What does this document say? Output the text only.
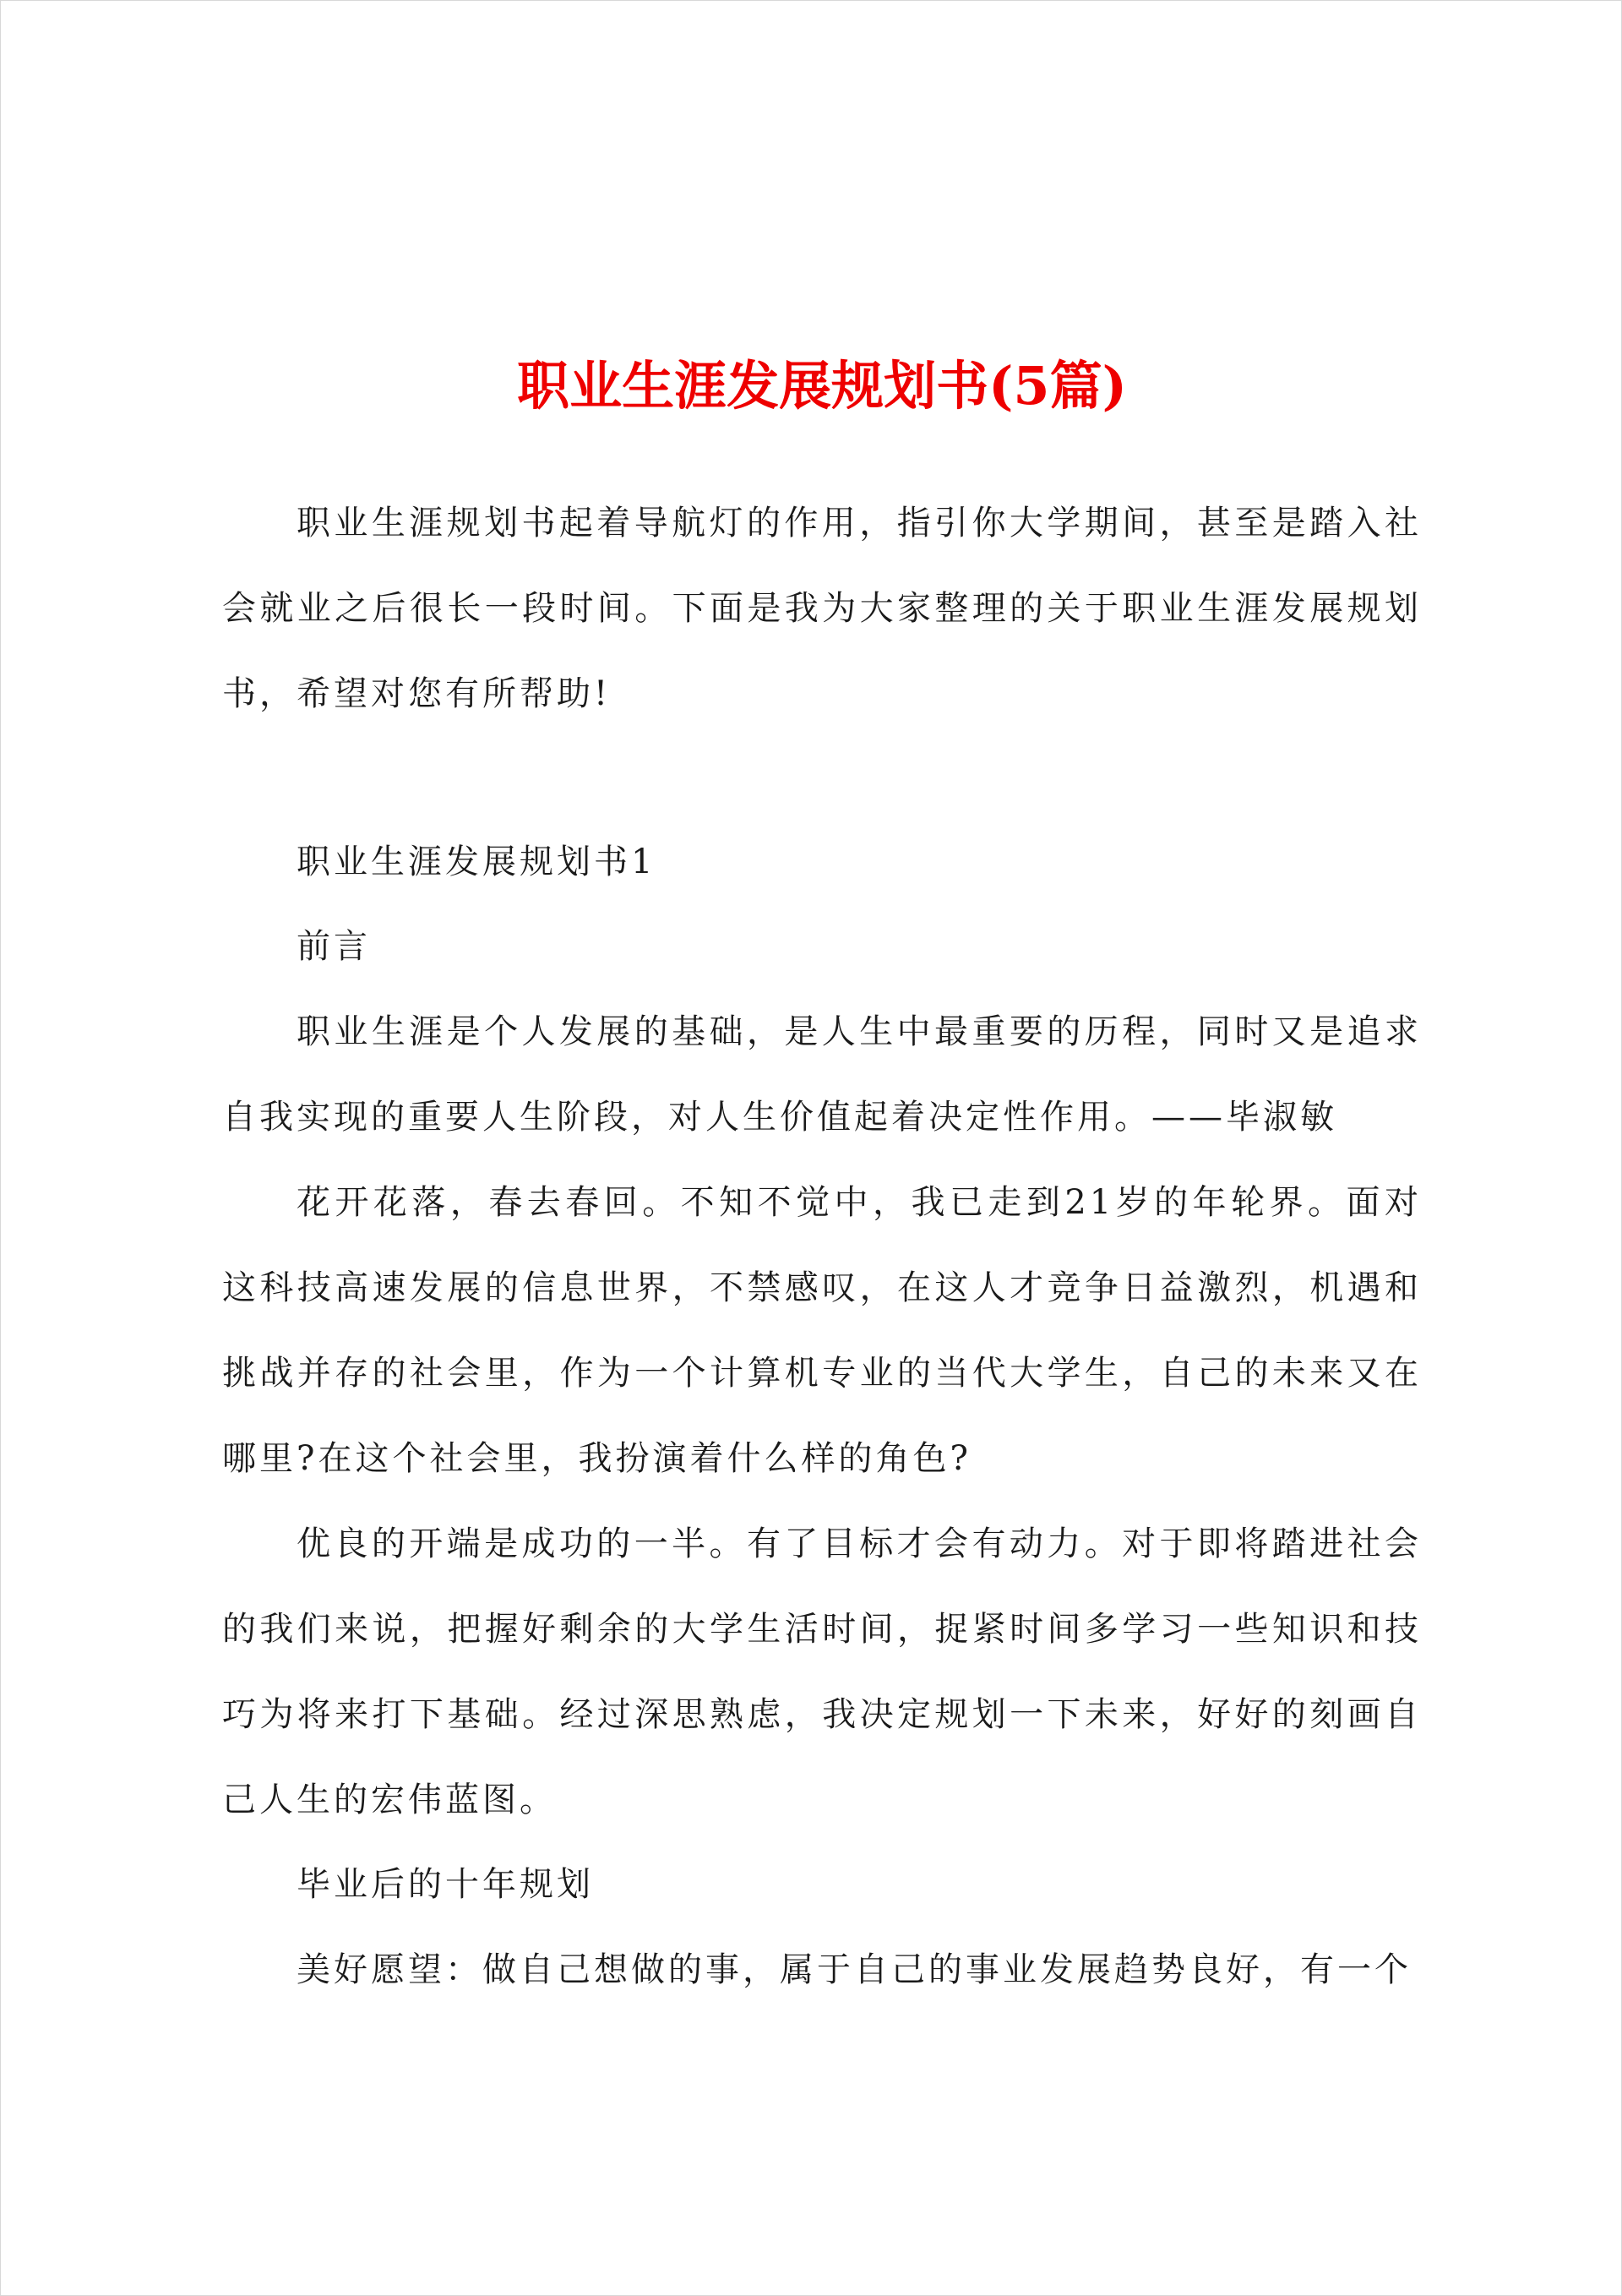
职业生涯发展规划书(5篇)

职业生涯规划书起着导航灯的作用，指引你大学期间，甚至是踏入社会就业之后很长一段时间。下面是我为大家整理的关于职业生涯发展规划书，希望对您有所帮助!

职业生涯发展规划书1

前言

职业生涯是个人发展的基础，是人生中最重要的历程，同时又是追求自我实现的重要人生阶段，对人生价值起着决定性作用。——毕淑敏

花开花落，春去春回。不知不觉中，我已走到21岁的年轮界。面对这科技高速发展的信息世界，不禁感叹，在这人才竞争日益激烈，机遇和挑战并存的社会里，作为一个计算机专业的当代大学生，自己的未来又在哪里?在这个社会里，我扮演着什么样的角色?

优良的开端是成功的一半。有了目标才会有动力。对于即将踏进社会的我们来说，把握好剩余的大学生活时间，捉紧时间多学习一些知识和技巧为将来打下基础。经过深思熟虑，我决定规划一下未来，好好的刻画自己人生的宏伟蓝图。

毕业后的十年规划

美好愿望：做自己想做的事，属于自己的事业发展趋势良好，有一个
